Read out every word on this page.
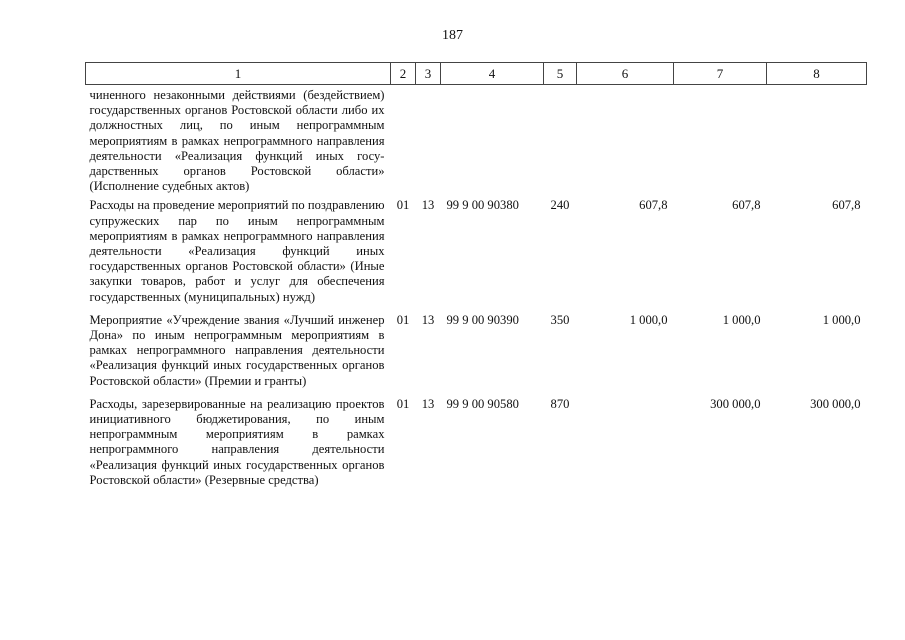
187
1	2	3	4	5	6	7	8
чиненного незаконными действиями (бездействием) государственных органов Ростовской области либо их должностных лиц, по иным непрограммным мероприятиям в рамках непрограммного направления деятельности «Реализация функций иных государственных органов Ростовской области» (Исполнение судебных актов)							
Расходы на проведение мероприятий по поздравлению супружеских пар по иным непрограммным мероприятиям в рамках непрограммного направления деятельности «Реализация функций иных государственных органов Ростовской области» (Иные закупки товаров, работ и услуг для обеспечения государственных (муниципальных) нужд)	01	13	99 9 00 90380	240	607,8	607,8	607,8
Мероприятие «Учреждение звания «Лучший инженер Дона» по иным непрограммным мероприятиям в рамках непрограммного направления деятельности «Реализация функций иных государственных органов Ростовской области» (Премии и гранты)	01	13	99 9 00 90390	350	1 000,0	1 000,0	1 000,0
Расходы, зарезервированные на реализацию проектов инициативного бюджетирования, по иным непрограммным мероприятиям в рамках непрограммного направления деятельности «Реализация функций иных государственных органов Ростовской области» (Резервные средства)	01	13	99 9 00 90580	870		300 000,0	300 000,0
